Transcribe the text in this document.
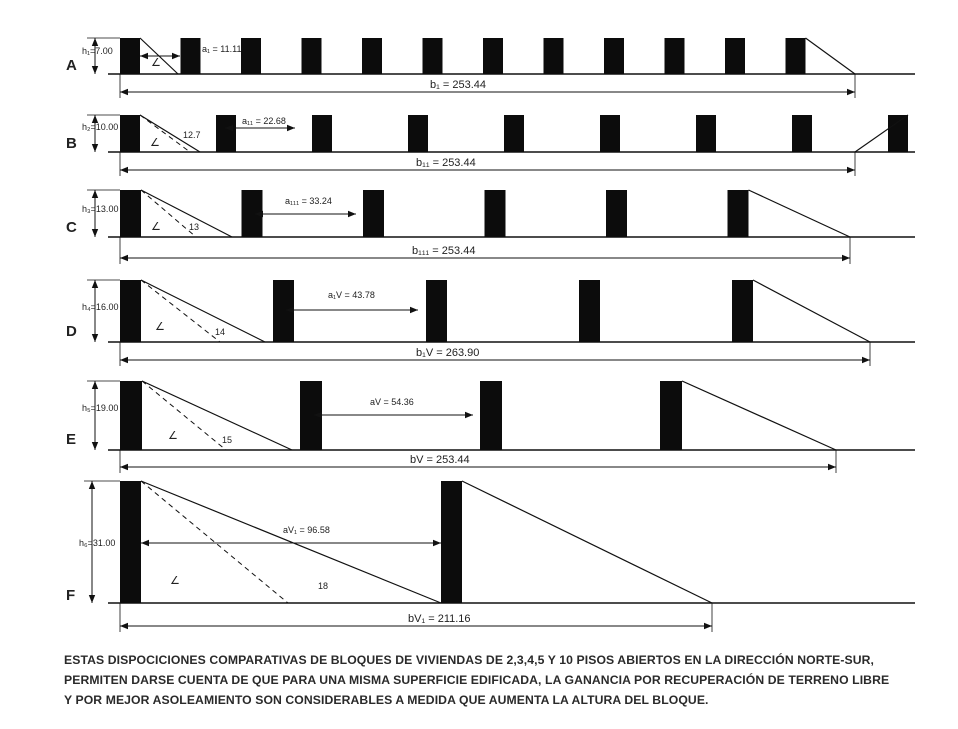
A
h₁=7.00
∠
a₁ = 11.11
b₁ = 253.44
B
h₂=10.00
∠
12.7
a₁₁ = 22.68
b₁₁ = 253.44
C
h₃=13.00
∠	13
a₁₁₁ = 33.24
b₁₁₁ = 253.44
D
h₄=16.00
∠	14
a₁V = 43.78
b₁V = 263.90
E
h₅=19.00
∠	15
aV = 54.36
bV = 253.44
F
h₆=31.00
∠	18
aV₁ = 96.58
bV₁ = 211.16
ESTAS DISPOCICIONES COMPARATIVAS DE BLOQUES DE VIVIENDAS DE 2,3,4,5 Y 10 PISOS ABIERTOS EN LA DIRECCIÓN NORTE-SUR, PERMITEN DARSE CUENTA DE QUE PARA UNA MISMA SUPERFICIE EDIFICADA, LA GANANCIA POR RECUPERACIÓN DE TERRENO LIBRE Y POR MEJOR ASOLEAMIENTO SON CONSIDERABLES A MEDIDA QUE AUMENTA LA ALTURA DEL BLOQUE.
